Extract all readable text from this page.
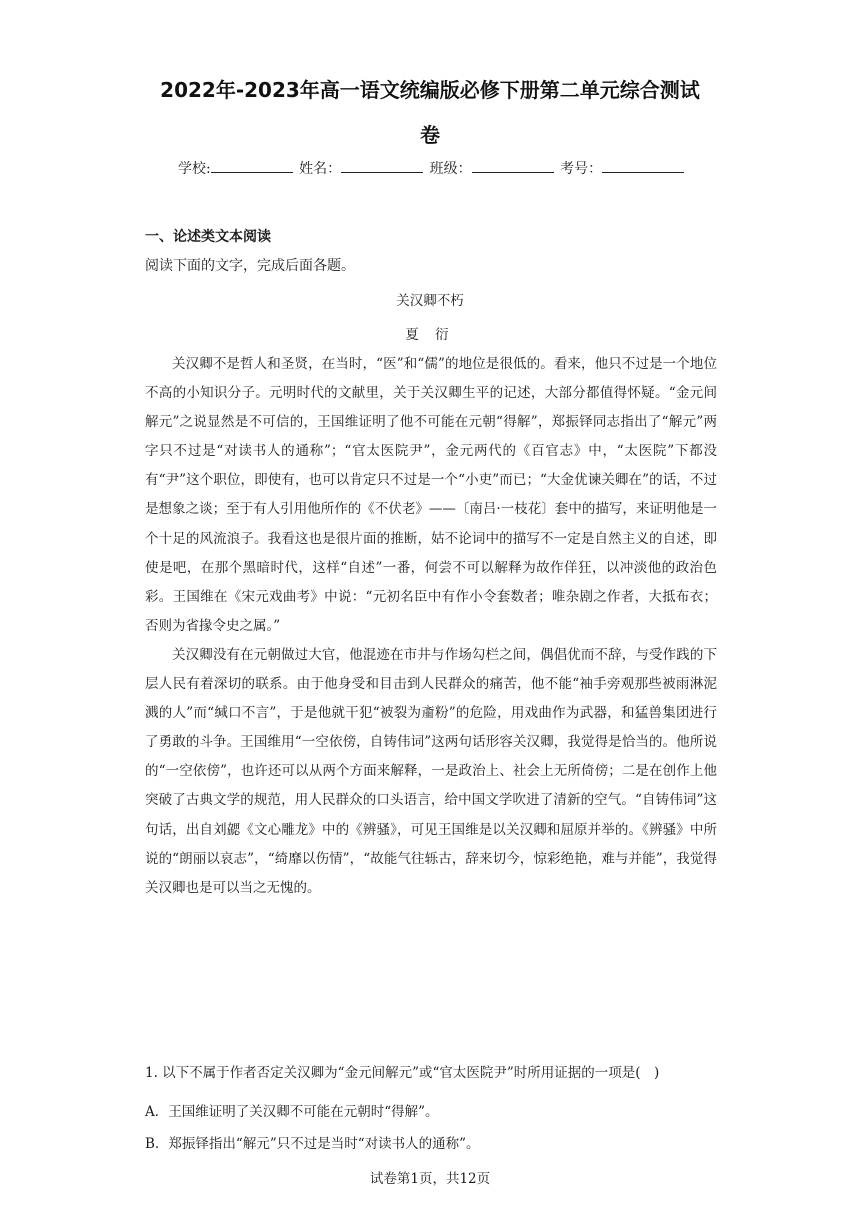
2022年-2023年高一语文统编版必修下册第二单元综合测试
卷
学校:	姓名：	班级：	考号：
一、论述类文本阅读
阅读下面的文字，完成后面各题。
关汉卿不朽
夏 衍

关汉卿不是哲人和圣贤，在当时，“医”和“儒”的地位是很低的。看来，他只不过是一个地位不高的小知识分子。元明时代的文献里，关于关汉卿生平的记述，大部分都值得怀疑。“金元间解元”之说显然是不可信的，王国维证明了他不可能在元朝“得解”，郑振铎同志指出了“解元”两字只不过是“对读书人的通称”；“官太医院尹”，金元两代的《百官志》中，“太医院”下都没有“尹”这个职位，即使有，也可以肯定只不过是一个“小吏”而已；“大金优谏关卿在”的话，不过是想象之谈；至于有人引用他所作的《不伏老》——〔南吕·一枝花〕套中的描写，来证明他是一个十足的风流浪子。我看这也是很片面的推断，姑不论词中的描写不一定是自然主义的自述，即使是吧，在那个黑暗时代，这样“自述”一番，何尝不可以解释为故作佯狂，以冲淡他的政治色彩。王国维在《宋元戏曲考》中说：“元初名臣中有作小令套数者；唯杂剧之作者，大抵布衣；否则为省掾令史之属。”

关汉卿没有在元朝做过大官，他混迹在市井与作场勾栏之间，偶倡优而不辞，与受作践的下层人民有着深切的联系。由于他身受和目击到人民群众的痛苦，他不能“袖手旁观那些被雨淋泥溅的人”而“缄口不言”，于是他就干犯“被裂为齑粉”的危险，用戏曲作为武器，和猛兽集团进行了勇敢的斗争。王国维用“一空依傍，自铸伟词”这两句话形容关汉卿，我觉得是恰当的。他所说的“一空依傍”，也许还可以从两个方面来解释，一是政治上、社会上无所倚傍；二是在创作上他突破了古典文学的规范，用人民群众的口头语言，给中国文学吹进了清新的空气。“自铸伟词”这句话，出自刘勰《文心雕龙》中的《辨骚》，可见王国维是以关汉卿和屈原并举的。《辨骚》中所说的“朗丽以哀志”，“绮靡以伤情”，“故能气往轹古，辞来切今，惊彩绝艳，难与并能”，我觉得关汉卿也是可以当之无愧的。

1. 以下不属于作者否定关汉卿为“金元间解元”或“官太医院尹”时所用证据的一项是(　)
A．王国维证明了关汉卿不可能在元朝时“得解”。
B．郑振铎指出“解元”只不过是当时“对读书人的通称”。
试卷第1页，共12页
